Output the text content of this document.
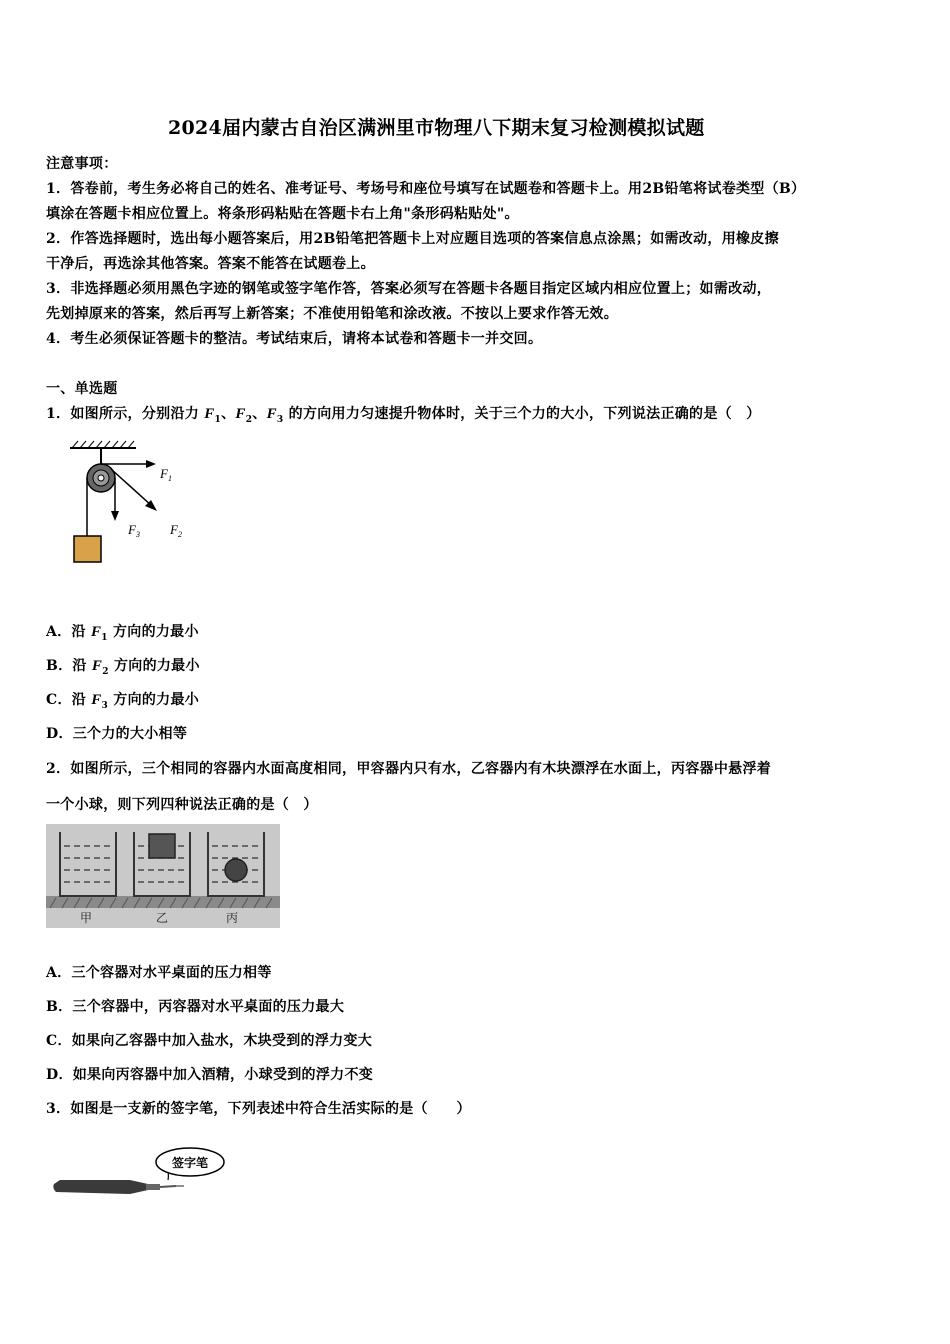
2024届内蒙古自治区满洲里市物理八下期末复习检测模拟试题
注意事项：
1．答卷前，考生务必将自己的姓名、准考证号、考场号和座位号填写在试题卷和答题卡上。用2B铅笔将试卷类型（B）
填涂在答题卡相应位置上。将条形码粘贴在答题卡右上角"条形码粘贴处"。
2．作答选择题时，选出每小题答案后，用2B铅笔把答题卡上对应题目选项的答案信息点涂黑；如需改动，用橡皮擦
干净后，再选涂其他答案。答案不能答在试题卷上。
3．非选择题必须用黑色字迹的钢笔或签字笔作答，答案必须写在答题卡各题目指定区域内相应位置上；如需改动，
先划掉原来的答案，然后再写上新答案；不准使用铅笔和涂改液。不按以上要求作答无效。
4．考生必须保证答题卡的整洁。考试结束后，请将本试卷和答题卡一并交回。
一、单选题
1．如图所示，分别沿力 $F_1$、$F_2$、$F_3$ 的方向用力匀速提升物体时，关于三个力的大小，下列说法正确的是（　）
$F_1$
$F_2$
$F_3$
A．沿 $F_1$ 方向的力最小
B．沿 $F_2$ 方向的力最小
C．沿 $F_3$ 方向的力最小
D．三个力的大小相等
2．如图所示，三个相同的容器内水面高度相同，甲容器内只有水，乙容器内有木块漂浮在水面上，丙容器中悬浮着
一个小球，则下列四种说法正确的是（　）
甲	乙	丙
A．三个容器对水平桌面的压力相等
B．三个容器中，丙容器对水平桌面的压力最大
C．如果向乙容器中加入盐水，木块受到的浮力变大
D．如果向丙容器中加入酒精，小球受到的浮力不变
3．如图是一支新的签字笔，下列表述中符合生活实际的是（　　）
签字笔
